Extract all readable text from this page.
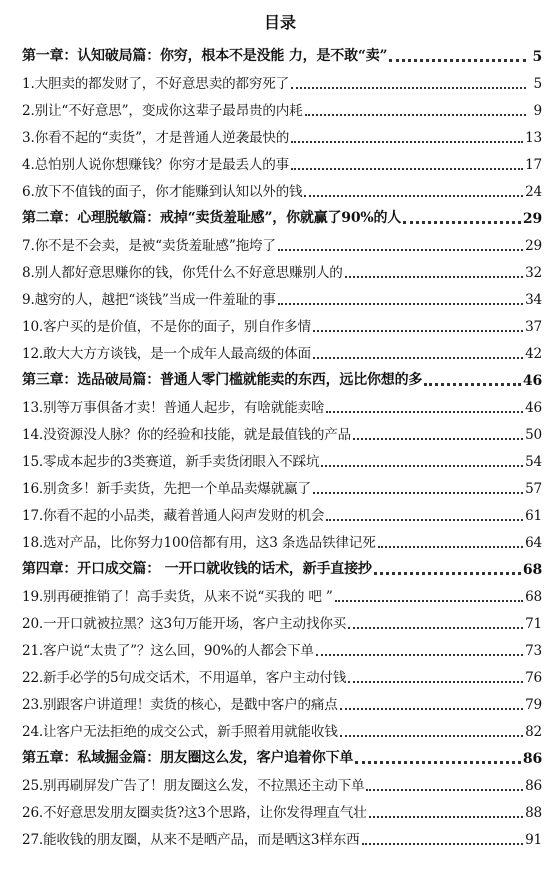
目录
第一章：认知破局篇：你穷，根本不是没能 力，是不敢“卖”	5
1.大胆卖的都发财了，不好意思卖的都穷死了	5
2.别让“不好意思”，变成你这辈子最昂贵的内耗	9
3.你看不起的“卖货”，才是普通人逆袭最快的	13
4.总怕别人说你想赚钱？你穷才是最丢人的事	17
6.放下不值钱的面子，你才能赚到认知以外的钱	24
第二章：心理脱敏篇：戒掉“卖货羞耻感”，你就赢了90%的人	29
7.你不是不会卖，是被“卖货羞耻感”拖垮了	29
8.别人都好意思赚你的钱，你凭什么不好意思赚别人的	32
9.越穷的人，越把“谈钱”当成一件羞耻的事	34
10.客户买的是价值，不是你的面子，别自作多情	37
12.敢大大方方谈钱，是一个成年人最高级的体面	42
第三章：选品破局篇：普通人零门槛就能卖的东西，远比你想的多	46
13.别等万事俱备才卖！普通人起步，有啥就能卖啥	46
14.没资源没人脉？你的经验和技能，就是最值钱的产品	50
15.零成本起步的3类赛道，新手卖货闭眼入不踩坑	54
16.别贪多！新手卖货，先把一个单品卖爆就赢了	57
17.你看不起的小品类，藏着普通人闷声发财的机会	61
18.选对产品，比你努力100倍都有用，这3 条选品铁律记死	64
第四章：开口成交篇： 一开口就收钱的话术，新手直接抄	68
19.别再硬推销了！高手卖货，从来不说“买我的 吧 ”	68
20.一开口就被拉黑？这3句万能开场，客户主动找你买	71
21.客户说“太贵了”？这么回，90%的人都会下单	73
22.新手必学的5句成交话术，不用逼单，客户主动付钱	76
23.别跟客户讲道理！卖货的核心，是戳中客户的痛点	79
24.让客户无法拒绝的成交公式，新手照着用就能收钱	82
第五章：私域掘金篇：朋友圈这么发，客户追着你下单	86
25.别再刷屏发广告了！朋友圈这么发，不拉黑还主动下单	86
26.不好意思发朋友圈卖货?这3个思路，让你发得理直气壮	88
27.能收钱的朋友圈，从来不是晒产品，而是晒这3样东西	91
